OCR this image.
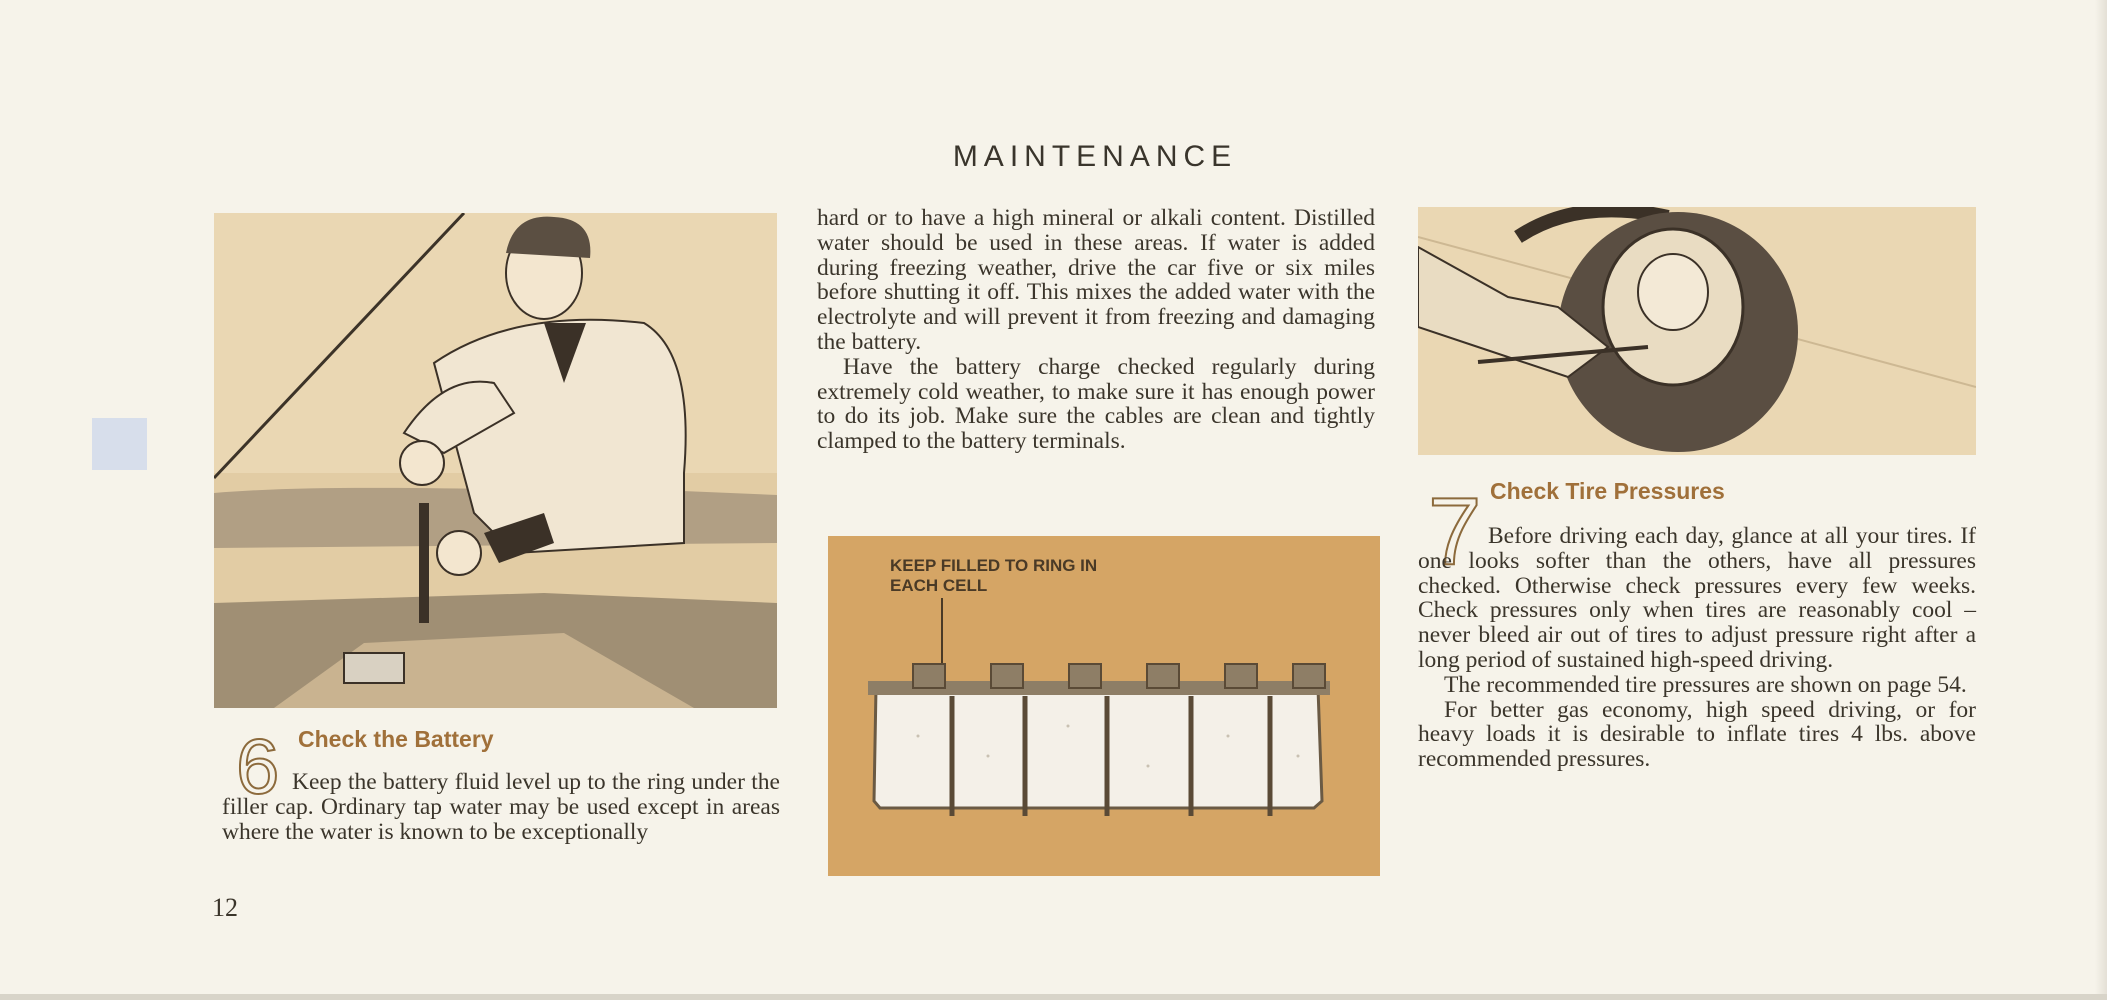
MAINTENANCE
6 Check the Battery

Keep the battery fluid level up to the ring under the filler cap. Ordinary tap water may be used except in areas where the water is known to be exceptionally

12

hard or to have a high mineral or alkali content. Distilled water should be used in these areas. If water is added during freezing weather, drive the car five or six miles before shutting it off. This mixes the added water with the electrolyte and will prevent it from freezing and damaging the battery.

Have the battery charge checked regularly during extremely cold weather, to make sure it has enough power to do its job. Make sure the cables are clean and tightly clamped to the battery terminals.

KEEP FILLED TO RING IN EACH CELL
7 Check Tire Pressures

Before driving each day, glance at all your tires. If one looks softer than the others, have all pressures checked. Otherwise check pressures every few weeks. Check pressures only when tires are reasonably cool – never bleed air out of tires to adjust pressure right after a long period of sustained high-speed driving.

The recommended tire pressures are shown on page 54.

For better gas economy, high speed driving, or for heavy loads it is desirable to inflate tires 4 lbs. above recommended pressures.
